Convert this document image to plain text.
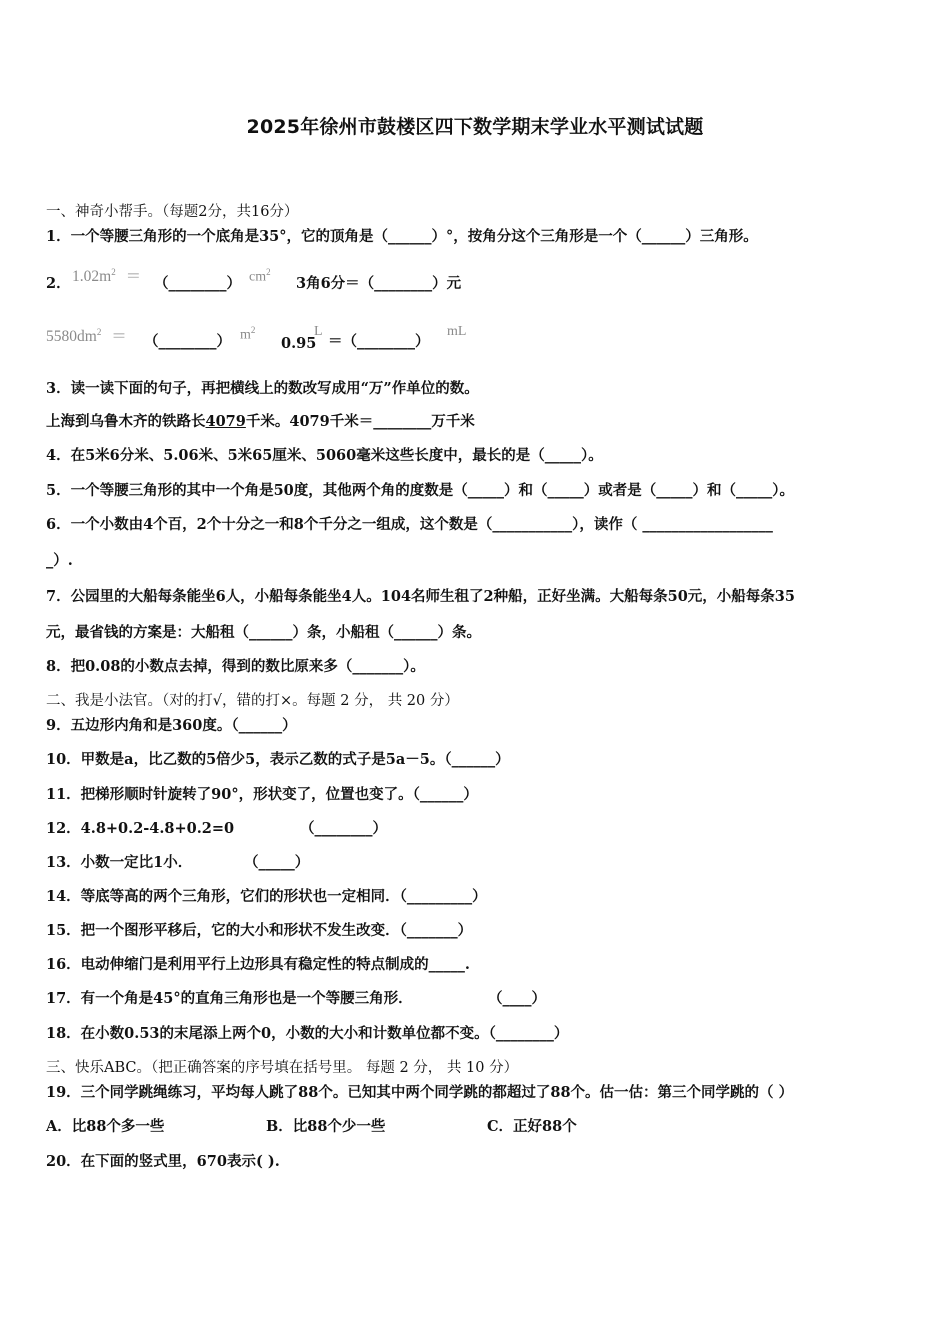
2025年徐州市鼓楼区四下数学期末学业水平测试试题
一、神奇小帮手。（每题2分，共16分）
1．一个等腰三角形的一个底角是35°，它的顶角是（______）°，按角分这个三角形是一个（______）三角形。
2． $1.02m^2$ ＝ （________） $cm^2$
3角6分＝（________）元
$5580dm^2$ ＝ （________） $m^2$
0.95
L
＝（________）
mL
3．读一读下面的句子，再把横线上的数改写成用“万”作单位的数。
上海到乌鲁木齐的铁路长4079千米。4079千米＝________万千米
4．在5米6分米、5.06米、5米65厘米、5060毫米这些长度中，最长的是（_____）。
5．一个等腰三角形的其中一个角是50度，其他两个角的度数是（_____）和（_____）或者是（_____）和（_____）。
6．一个小数由4个百，2个十分之一和8个千分之一组成，这个数是（___________），读作（ __________________
_）.
7．公园里的大船每条能坐6人，小船每条能坐4人。104名师生租了2种船，正好坐满。大船每条50元，小船每条35
元，最省钱的方案是：大船租（______）条，小船租（______）条。
8．把0.08的小数点去掉，得到的数比原来多（_______）。
二、我是小法官。（对的打√，错的打×。每题 2 分， 共 20 分）
9．五边形内角和是360度。（______）
10．甲数是a，比乙数的5倍少5，表示乙数的式子是5a－5。（______）
11．把梯形顺时针旋转了90°，形状变了，位置也变了。（______）
12．4.8+0.2-4.8+0.2=0	（________）
13．小数一定比1小．	（_____）
14．等底等高的两个三角形，它们的形状也一定相同．（_________）
15．把一个图形平移后，它的大小和形状不发生改变．（_______）
16．电动伸缩门是利用平行上边形具有稳定性的特点制成的_____.
17．有一个角是45°的直角三角形也是一个等腰三角形．	（____）
18．在小数0.53的末尾添上两个0，小数的大小和计数单位都不变。（________）
三、快乐ABC。（把正确答案的序号填在括号里。 每题 2 分， 共 10 分）
19．三个同学跳绳练习，平均每人跳了88个。已知其中两个同学跳的都超过了88个。估一估：第三个同学跳的（ ）
A．比88个多一些	B．比88个少一些	C．正好88个
20．在下面的竖式里，670表示( ).
